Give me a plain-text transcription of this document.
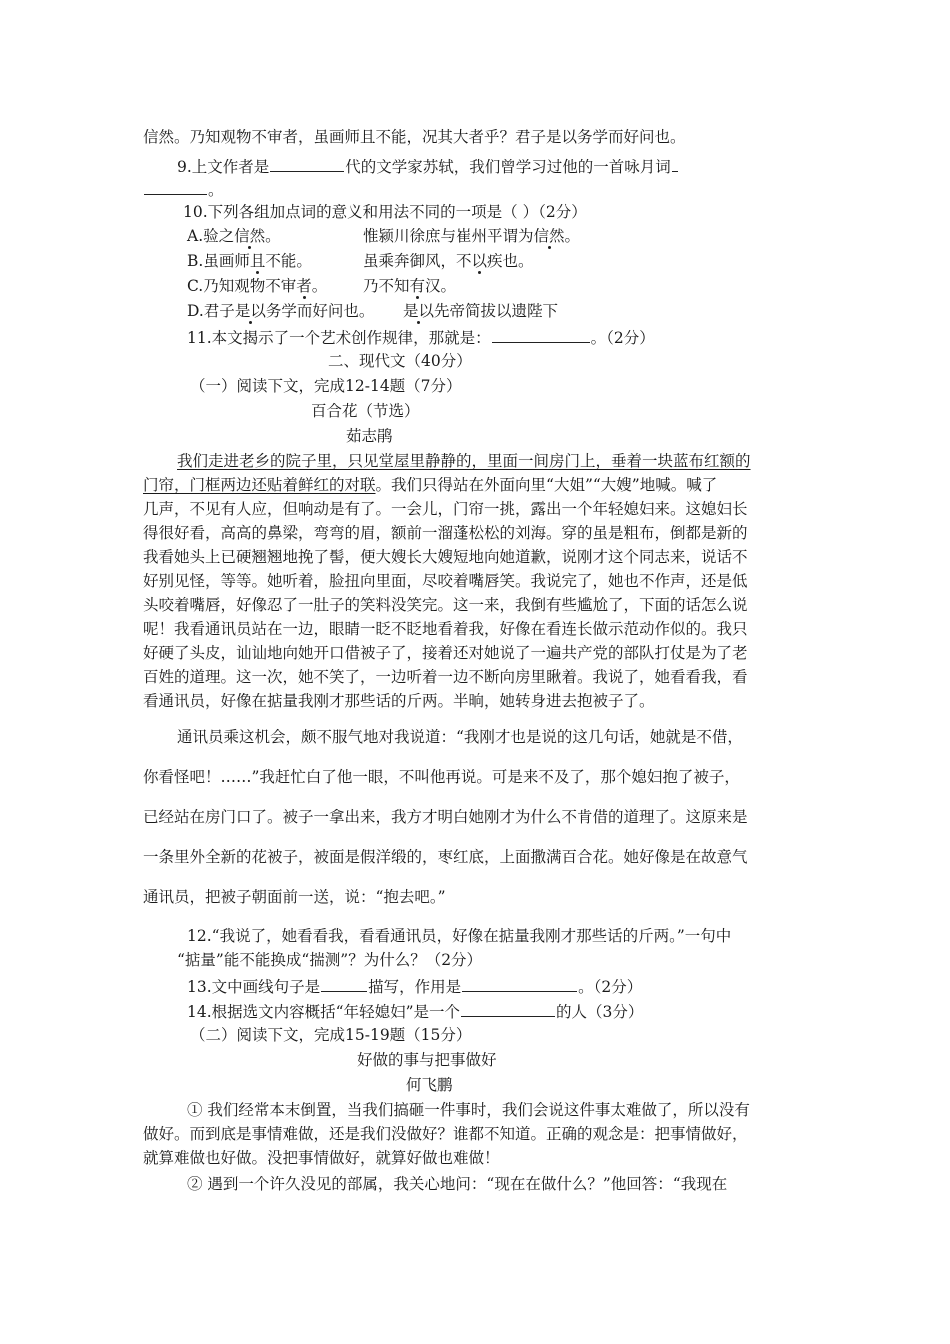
信然。乃知观物不审者，虽画师且不能，况其大者乎？君子是以务学而好问也。
9.上文作者是	代的文学家苏轼，我们曾学习过他的一首咏月词
。
10.下列各组加点词的意义和用法不同的一项是（ ）（2分）
A.验之信然。	惟颍川徐庶与崔州平谓为信然。
B.虽画师且不能。	虽乘奔御风，不以疾也。
C.乃知观物不审者。 乃不知有汉。
D.君子是以务学而好问也。 是以先帝简拔以遗陛下
11.本文揭示了一个艺术创作规律，那就是：	。（2分）
二、现代文（40分）
（一）阅读下文，完成12-14题（7分）
百合花（节选）
茹志鹃
我们走进老乡的院子里，只见堂屋里静静的，里面一间房门上，垂着一块蓝布红额的
门帘，门框两边还贴着鲜红的对联。我们只得站在外面向里“大姐”“大嫂”地喊。喊了
几声，不见有人应，但响动是有了。一会儿，门帘一挑，露出一个年轻媳妇来。这媳妇长
得很好看，高高的鼻梁，弯弯的眉，额前一溜蓬松松的刘海。穿的虽是粗布，倒都是新的
我看她头上已硬翘翘地挽了髻，便大嫂长大嫂短地向她道歉，说刚才这个同志来，说话不
好别见怪，等等。她听着，脸扭向里面，尽咬着嘴唇笑。我说完了，她也不作声，还是低
头咬着嘴唇，好像忍了一肚子的笑料没笑完。这一来，我倒有些尴尬了，下面的话怎么说
呢！我看通讯员站在一边，眼睛一眨不眨地看着我，好像在看连长做示范动作似的。我只
好硬了头皮，讪讪地向她开口借被子了，接着还对她说了一遍共产党的部队打仗是为了老
百姓的道理。这一次，她不笑了，一边听着一边不断向房里瞅着。我说了，她看看我，看
看通讯员，好像在掂量我刚才那些话的斤两。半晌，她转身进去抱被子了。
通讯员乘这机会，颇不服气地对我说道：“我刚才也是说的这几句话，她就是不借，
你看怪吧！……”我赶忙白了他一眼，不叫他再说。可是来不及了，那个媳妇抱了被子，
已经站在房门口了。被子一拿出来，我方才明白她刚才为什么不肯借的道理了。这原来是
一条里外全新的花被子，被面是假洋缎的，枣红底，上面撒满百合花。她好像是在故意气
通讯员，把被子朝面前一送，说：“抱去吧。”
12.“我说了，她看看我，看看通讯员，好像在掂量我刚才那些话的斤两。”一句中
“掂量”能不能换成“揣测”？为什么？（2分）
13.文中画线句子是	描写，作用是	。（2分）
14.根据选文内容概括“年轻媳妇”是一个	的人（3分）
（二）阅读下文，完成15-19题（15分）
好做的事与把事做好
何飞鹏
① 我们经常本末倒置，当我们搞砸一件事时，我们会说这件事太难做了，所以没有
做好。而到底是事情难做，还是我们没做好？谁都不知道。正确的观念是：把事情做好，
就算难做也好做。没把事情做好，就算好做也难做！
② 遇到一个许久没见的部属，我关心地问：“现在在做什么？”他回答：“我现在
